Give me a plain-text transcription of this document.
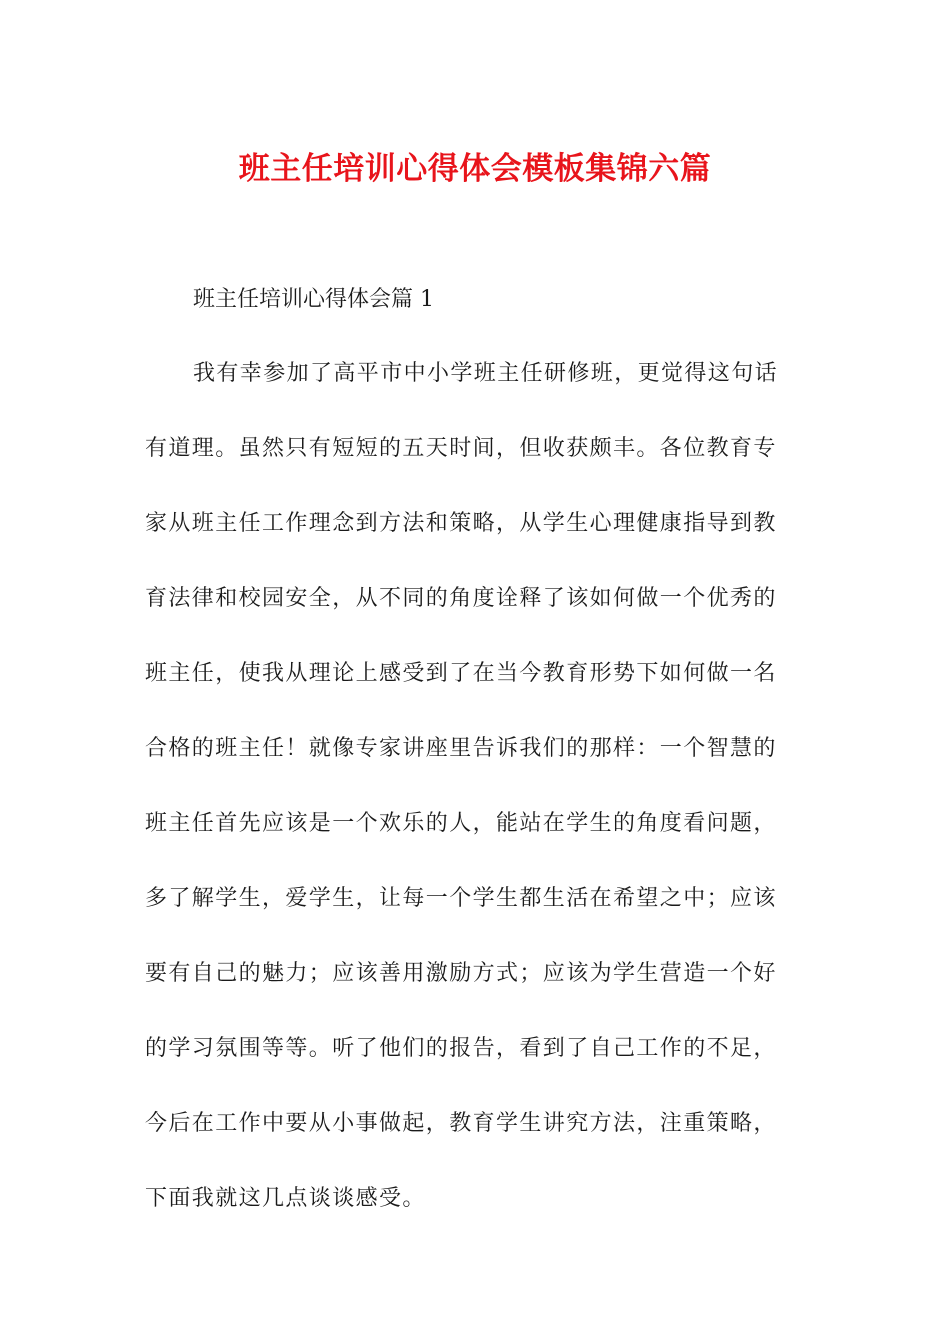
班主任培训心得体会模板集锦六篇

班主任培训心得体会篇 1

我有幸参加了高平市中小学班主任研修班，更觉得这句话
有道理。虽然只有短短的五天时间，但收获颇丰。各位教育专
家从班主任工作理念到方法和策略，从学生心理健康指导到教
育法律和校园安全，从不同的角度诠释了该如何做一个优秀的
班主任，使我从理论上感受到了在当今教育形势下如何做一名
合格的班主任！就像专家讲座里告诉我们的那样：一个智慧的
班主任首先应该是一个欢乐的人，能站在学生的角度看问题，
多了解学生，爱学生，让每一个学生都生活在希望之中；应该
要有自己的魅力；应该善用激励方式；应该为学生营造一个好
的学习氛围等等。听了他们的报告，看到了自己工作的不足，
今后在工作中要从小事做起，教育学生讲究方法，注重策略，
下面我就这几点谈谈感受。
